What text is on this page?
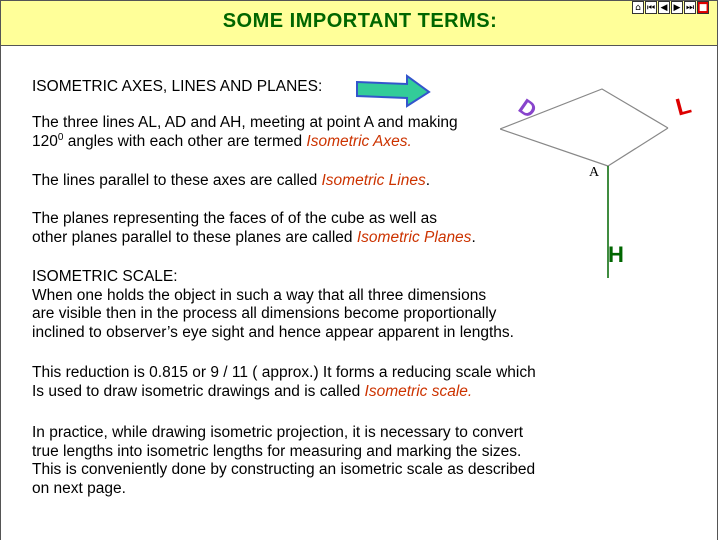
SOME IMPORTANT TERMS:
⌂ ⏮ ◀ ▶ ⏭ ■
ISOMETRIC AXES, LINES AND PLANES:
The three lines AL, AD and AH, meeting at point A and making
$120^0$ angles with each other are termed Isometric Axes.
The lines parallel to these axes are called Isometric Lines.
The planes representing the faces of of the cube as well as
other planes parallel to these planes are called Isometric Planes.
ISOMETRIC SCALE:
When one holds the object in such a way that all three dimensions
are visible then in the process all dimensions become proportionally
inclined to observer’s eye sight and hence appear apparent in lengths.
This reduction is 0.815 or 9 / 11 ( approx.) It forms a reducing scale which
Is used to draw isometric drawings and is called Isometric scale.
In practice, while drawing isometric projection, it is necessary to convert
true lengths into isometric lengths for measuring and marking the sizes.
This is conveniently done by constructing an isometric scale as described
on next page.
D	L
A
H
